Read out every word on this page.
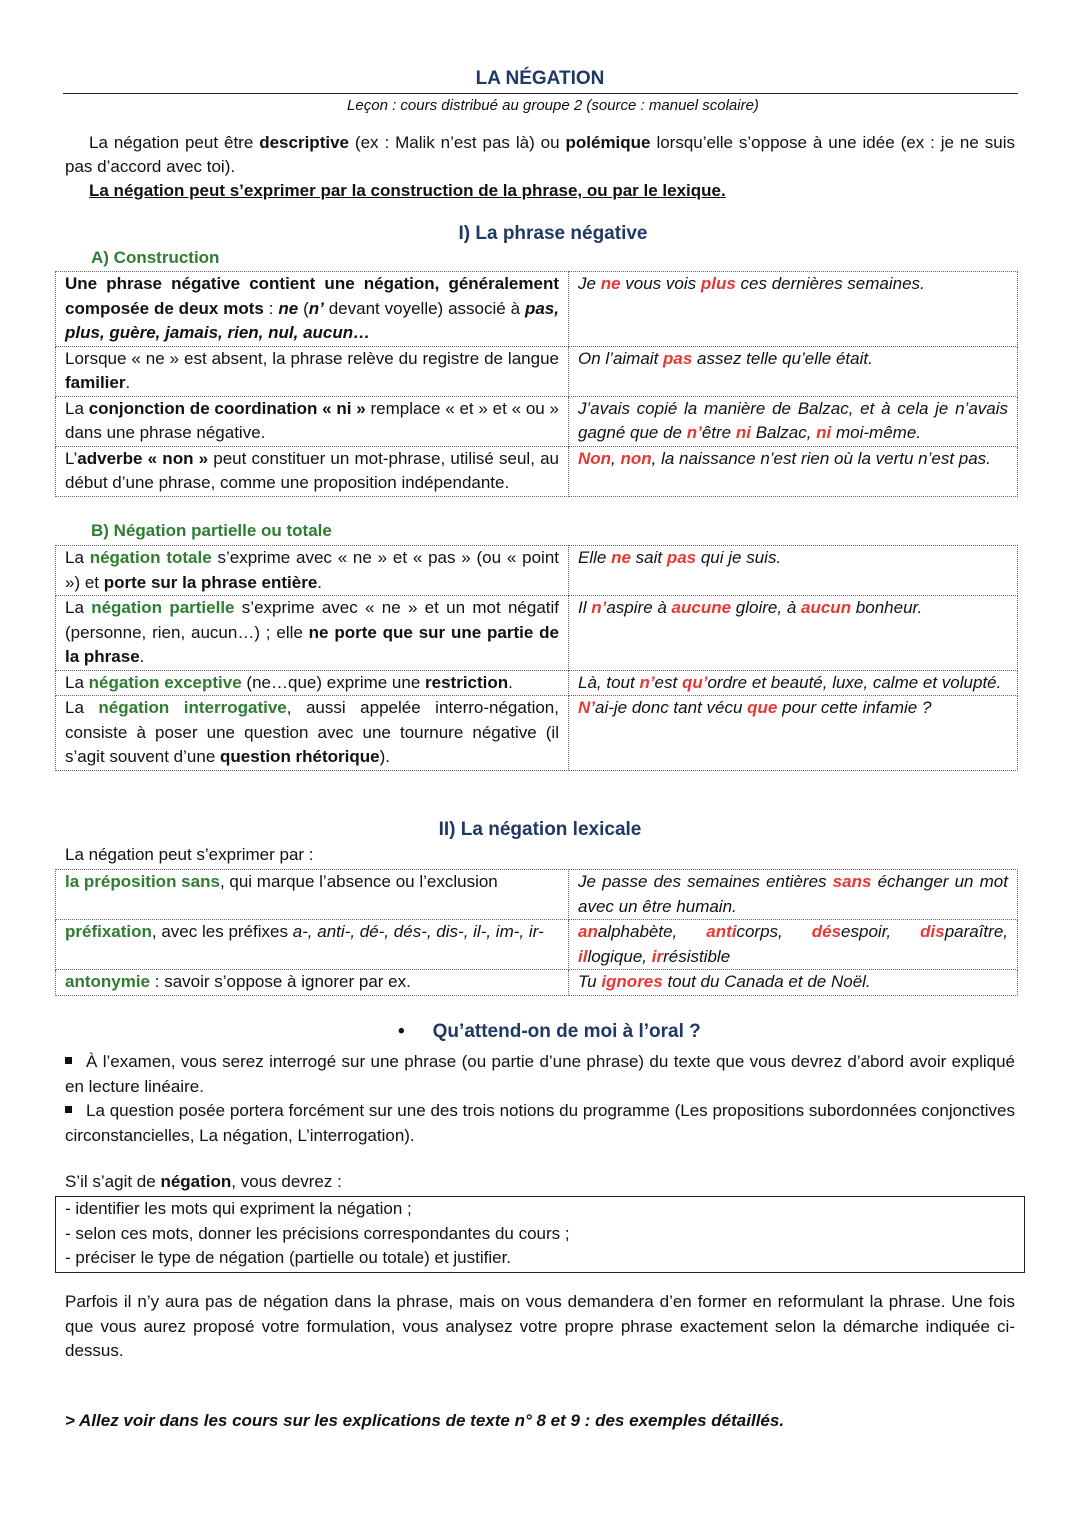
LA NÉGATION
Leçon : cours distribué au groupe 2 (source : manuel scolaire)

La négation peut être descriptive (ex : Malik n’est pas là) ou polémique lorsqu’elle s’oppose à une idée (ex : je ne suis pas d’accord avec toi).

La négation peut s’exprimer par la construction de la phrase, ou par le lexique.

I) La phrase négative
A) Construction
Une phrase négative contient une négation, généralement composée de deux mots : ne (n’ devant voyelle) associé à pas, plus, guère, jamais, rien, nul, aucun…	Je ne vous vois plus ces dernières semaines.
Lorsque « ne » est absent, la phrase relève du registre de langue familier.	On l’aimait pas assez telle qu’elle était.
La conjonction de coordination « ni » remplace « et » et « ou » dans une phrase négative.	J’avais copié la manière de Balzac, et à cela je n’avais gagné que de n’être ni Balzac, ni moi-même.
L’adverbe « non » peut constituer un mot-phrase, utilisé seul, au début d’une phrase, comme une proposition indépendante.	Non, non, la naissance n’est rien où la vertu n’est pas.
B) Négation partielle ou totale
La négation totale s’exprime avec « ne » et « pas » (ou « point ») et porte sur la phrase entière.	Elle ne sait pas qui je suis.
La négation partielle s’exprime avec « ne » et un mot négatif (personne, rien, aucun…) ; elle ne porte que sur une partie de la phrase.	Il n’aspire à aucune gloire, à aucun bonheur.
La négation exceptive (ne…que) exprime une restriction.	Là, tout n’est qu’ordre et beauté, luxe, calme et volupté.
La négation interrogative, aussi appelée interro-négation, consiste à poser une question avec une tournure négative (il s’agit souvent d’une question rhétorique).	N’ai-je donc tant vécu que pour cette infamie ?
II) La négation lexicale
La négation peut s’exprimer par :
la préposition sans, qui marque l’absence ou l’exclusion	Je passe des semaines entières sans échanger un mot avec un être humain.
préfixation, avec les préfixes a-, anti-, dé-, dés-, dis-, il-, im-, ir-	analphabète, anticorps, désespoir, disparaître, illogique, irrésistible
antonymie : savoir s’oppose à ignorer par ex.	Tu ignores tout du Canada et de Noël.
• Qu’attend-on de moi à l’oral ?

À l’examen, vous serez interrogé sur une phrase (ou partie d’une phrase) du texte que vous devrez d’abord avoir expliqué en lecture linéaire.

La question posée portera forcément sur une des trois notions du programme (Les propositions subordonnées conjonctives circonstancielles, La négation, L’interrogation).

S’il s’agit de négation, vous devrez :
- identifier les mots qui expriment la négation ;
- selon ces mots, donner les précisions correspondantes du cours ;
- préciser le type de négation (partielle ou totale) et justifier.
Parfois il n’y aura pas de négation dans la phrase, mais on vous demandera d’en former en reformulant la phrase. Une fois que vous aurez proposé votre formulation, vous analysez votre propre phrase exactement selon la démarche indiquée ci-dessus.
> Allez voir dans les cours sur les explications de texte n° 8 et 9 : des exemples détaillés.
